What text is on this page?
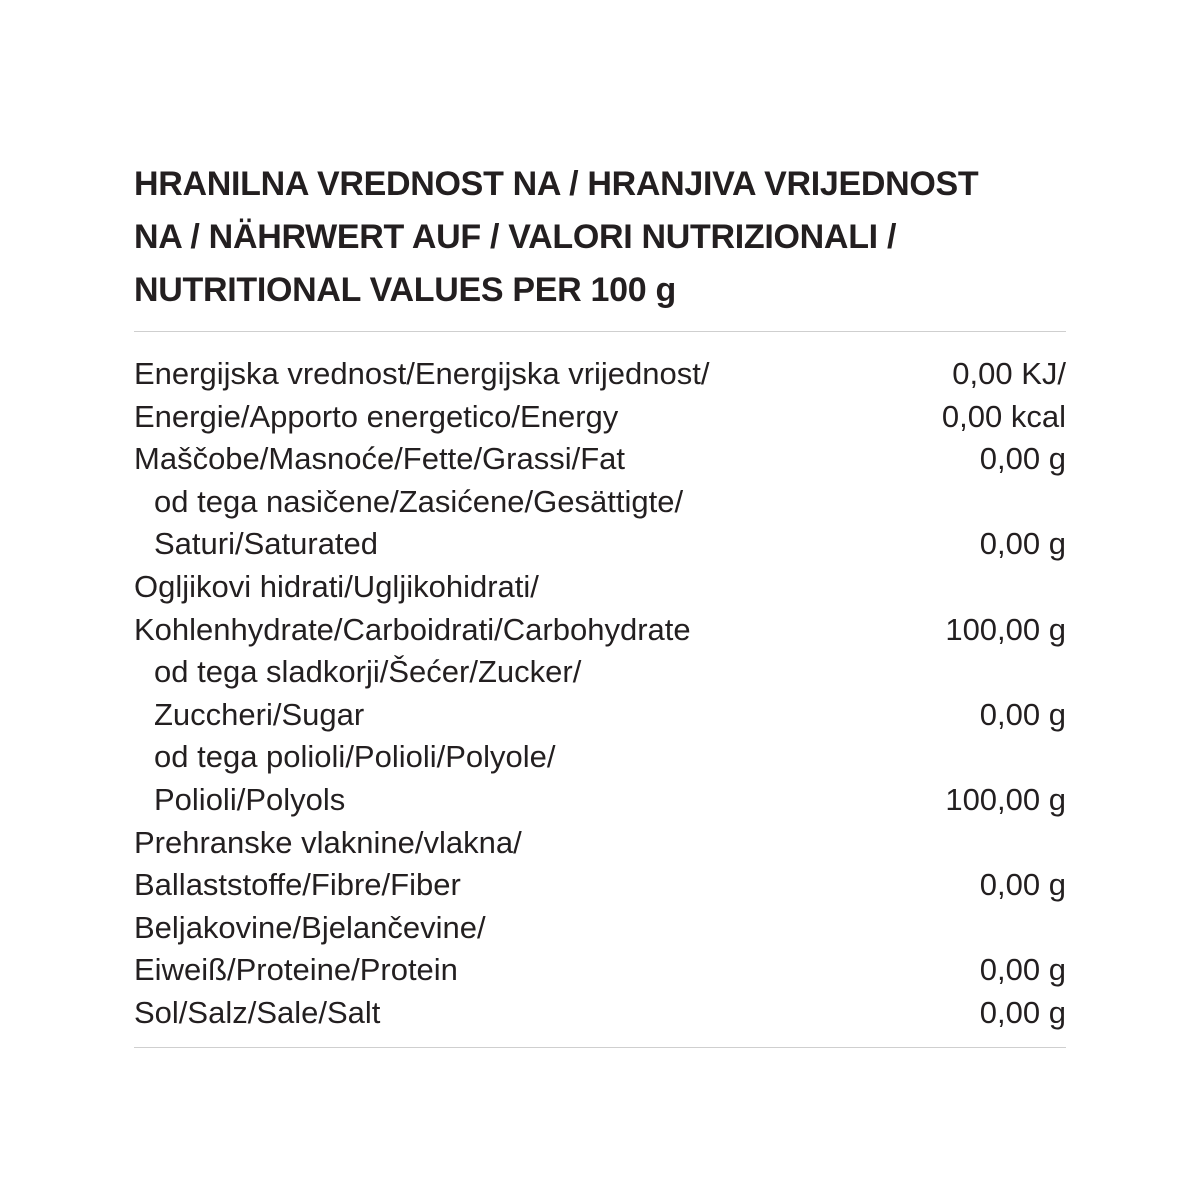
HRANILNA VREDNOST NA / HRANJIVA VRIJEDNOST
NA / NÄHRWERT AUF / VALORI NUTRIZIONALI /
NUTRITIONAL VALUES PER 100 g
Energijska vrednost/Energijska vrijednost/	0,00 KJ/
Energie/Apporto energetico/Energy	0,00 kcal
Maščobe/Masnoće/Fette/Grassi/Fat	0,00 g
od tega nasičene/Zasićene/Gesättigte/
Saturi/Saturated	0,00 g
Ogljikovi hidrati/Ugljikohidrati/
Kohlenhydrate/Carboidrati/Carbohydrate	100,00 g
od tega sladkorji/Šećer/Zucker/
Zuccheri/Sugar	0,00 g
od tega polioli/Polioli/Polyole/
Polioli/Polyols	100,00 g
Prehranske vlaknine/vlakna/
Ballaststoffe/Fibre/Fiber	0,00 g
Beljakovine/Bjelančevine/
Eiweiß/Proteine/Protein	0,00 g
Sol/Salz/Sale/Salt	0,00 g
